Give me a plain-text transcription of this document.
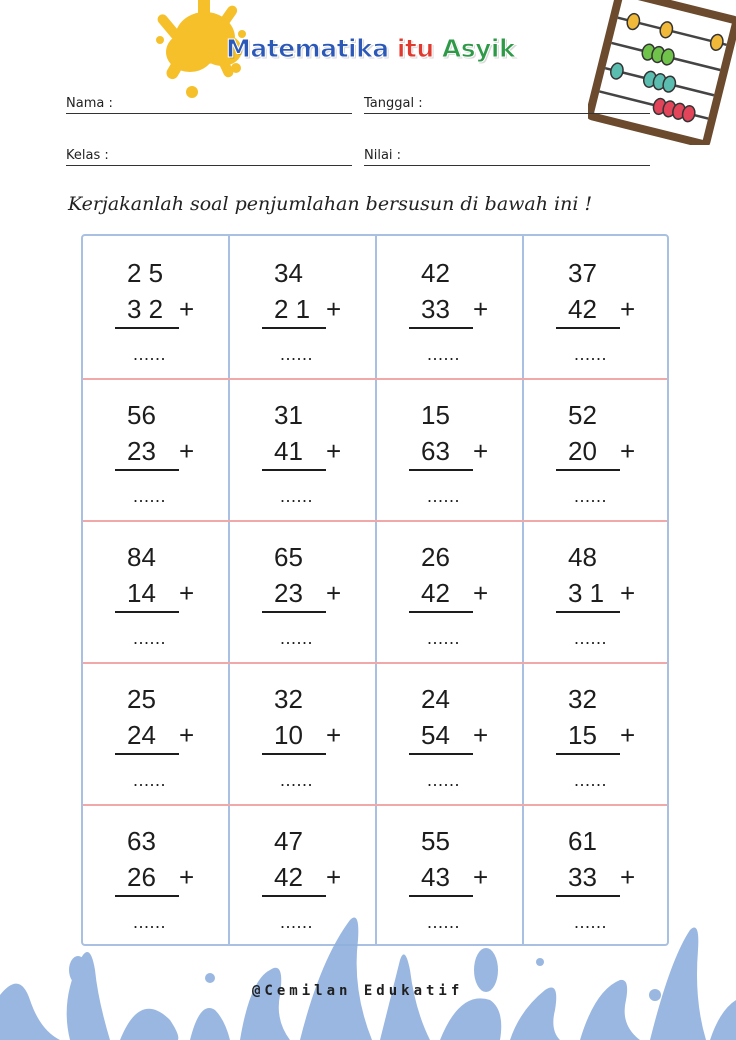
Matematika itu Asyik
Nama :	Tanggal :
Kelas :	Nilai :
Kerjakanlah soal penjumlahan bersusun di bawah ini !
2 5
3 2 +
......
34
2 1 +
......
42
33 +
......
37
42 +
......
56
23 +
......
31
41 +
......
15
63 +
......
52
20 +
......
84
14 +
......
65
23 +
......
26
42 +
......
48
3 1 +
......
25
24 +
......
32
10 +
......
24
54 +
......
32
15 +
......
63
26 +
......
47
42 +
......
55
43 +
......
61
33 +
......
@Cemilan Edukatif
